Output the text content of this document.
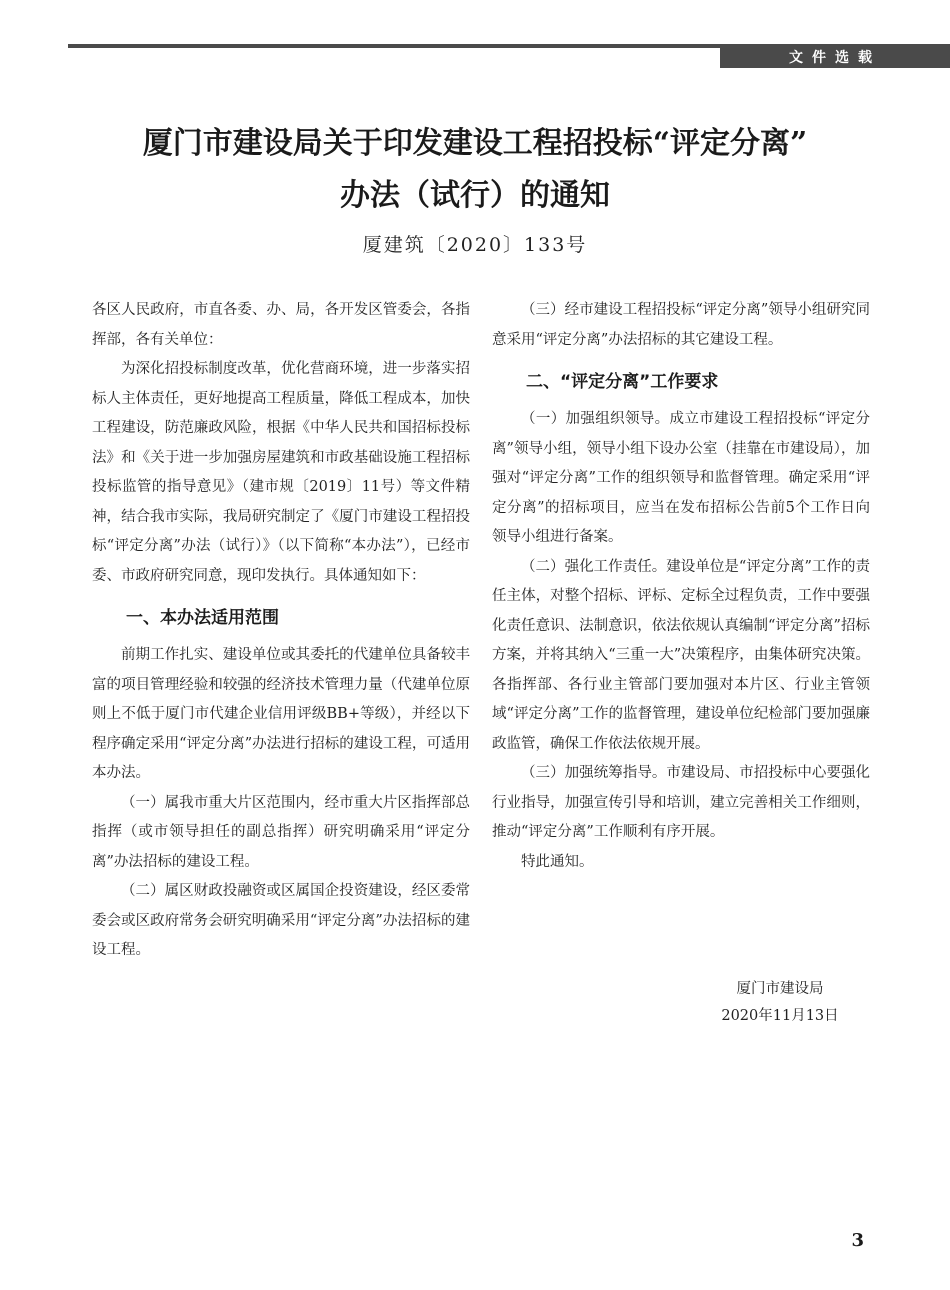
文件选载
厦门市建设局关于印发建设工程招投标“评定分离”
办法（试行）的通知
厦建筑〔2020〕133号

各区人民政府，市直各委、办、局，各开发区管委会，各指挥部，各有关单位：

为深化招投标制度改革，优化营商环境，进一步落实招标人主体责任，更好地提高工程质量，降低工程成本，加快工程建设，防范廉政风险，根据《中华人民共和国招标投标法》和《关于进一步加强房屋建筑和市政基础设施工程招标投标监管的指导意见》（建市规〔2019〕11号）等文件精神，结合我市实际，我局研究制定了《厦门市建设工程招投标“评定分离”办法（试行）》（以下简称“本办法”），已经市委、市政府研究同意，现印发执行。具体通知如下：

一、本办法适用范围

前期工作扎实、建设单位或其委托的代建单位具备较丰富的项目管理经验和较强的经济技术管理力量（代建单位原则上不低于厦门市代建企业信用评级BB+等级），并经以下程序确定采用“评定分离”办法进行招标的建设工程，可适用本办法。

（一）属我市重大片区范围内，经市重大片区指挥部总指挥（或市领导担任的副总指挥）研究明确采用“评定分离”办法招标的建设工程。

（二）属区财政投融资或区属国企投资建设，经区委常委会或区政府常务会研究明确采用“评定分离”办法招标的建设工程。

（三）经市建设工程招投标“评定分离”领导小组研究同意采用“评定分离”办法招标的其它建设工程。

二、“评定分离”工作要求

（一）加强组织领导。成立市建设工程招投标“评定分离”领导小组，领导小组下设办公室（挂靠在市建设局），加强对“评定分离”工作的组织领导和监督管理。确定采用“评定分离”的招标项目，应当在发布招标公告前5个工作日向领导小组进行备案。

（二）强化工作责任。建设单位是“评定分离”工作的责任主体，对整个招标、评标、定标全过程负责，工作中要强化责任意识、法制意识，依法依规认真编制“评定分离”招标方案，并将其纳入“三重一大”决策程序，由集体研究决策。各指挥部、各行业主管部门要加强对本片区、行业主管领域“评定分离”工作的监督管理，建设单位纪检部门要加强廉政监管，确保工作依法依规开展。

（三）加强统筹指导。市建设局、市招投标中心要强化行业指导，加强宣传引导和培训，建立完善相关工作细则，推动“评定分离”工作顺利有序开展。

特此通知。

厦门市建设局
2020年11月13日
3
